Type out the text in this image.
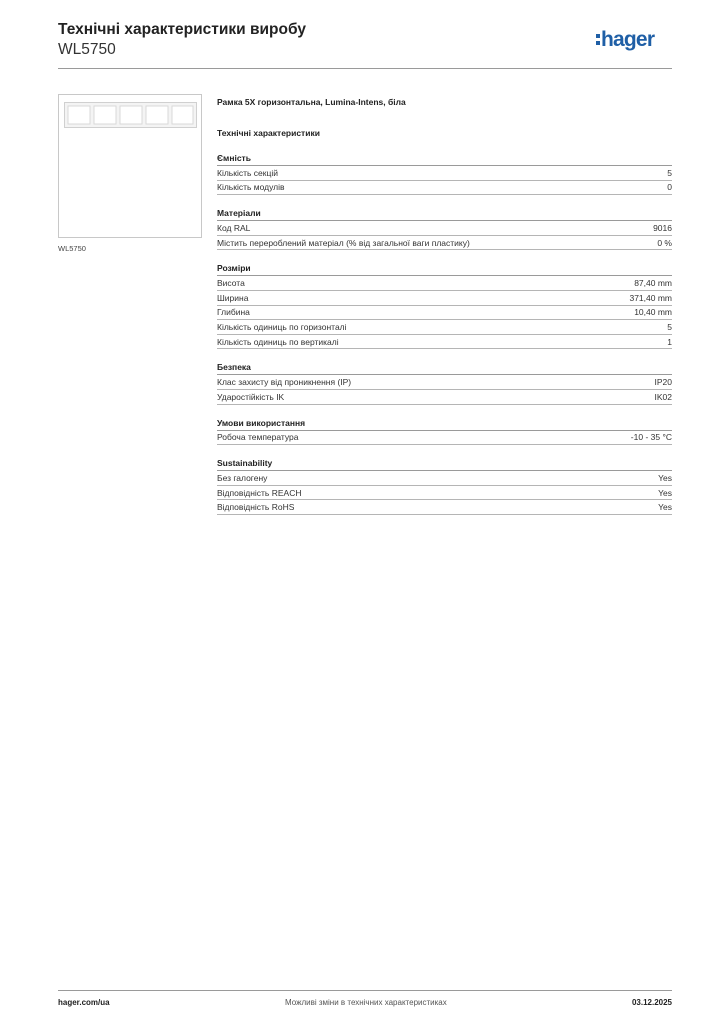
Технічні характеристики виробу
WL5750	hager
WL5750
Рамка 5X горизонтальна, Lumina-Intens, біла
Технічні характеристики
Ємність
Кількість секцій	5
Кількість модулів	0
Матеріали
Код RAL	9016
Містить перероблений матеріал (% від загальної ваги пластику)	0 %
Розміри
Висота	87,40 mm
Ширина	371,40 mm
Глибина	10,40 mm
Кількість одиниць по горизонталі	5
Кількість одиниць по вертикалі	1
Безпека
Клас захисту від проникнення (IP)	IP20
Ударостійкість IK	IK02
Умови використання
Робоча температура	-10 - 35 °C
Sustainability
Без галогену	Yes
Відповідність REACH	Yes
Відповідність RoHS	Yes
hager.com/ua	Можливі зміни в технічних характеристиках	03.12.2025
